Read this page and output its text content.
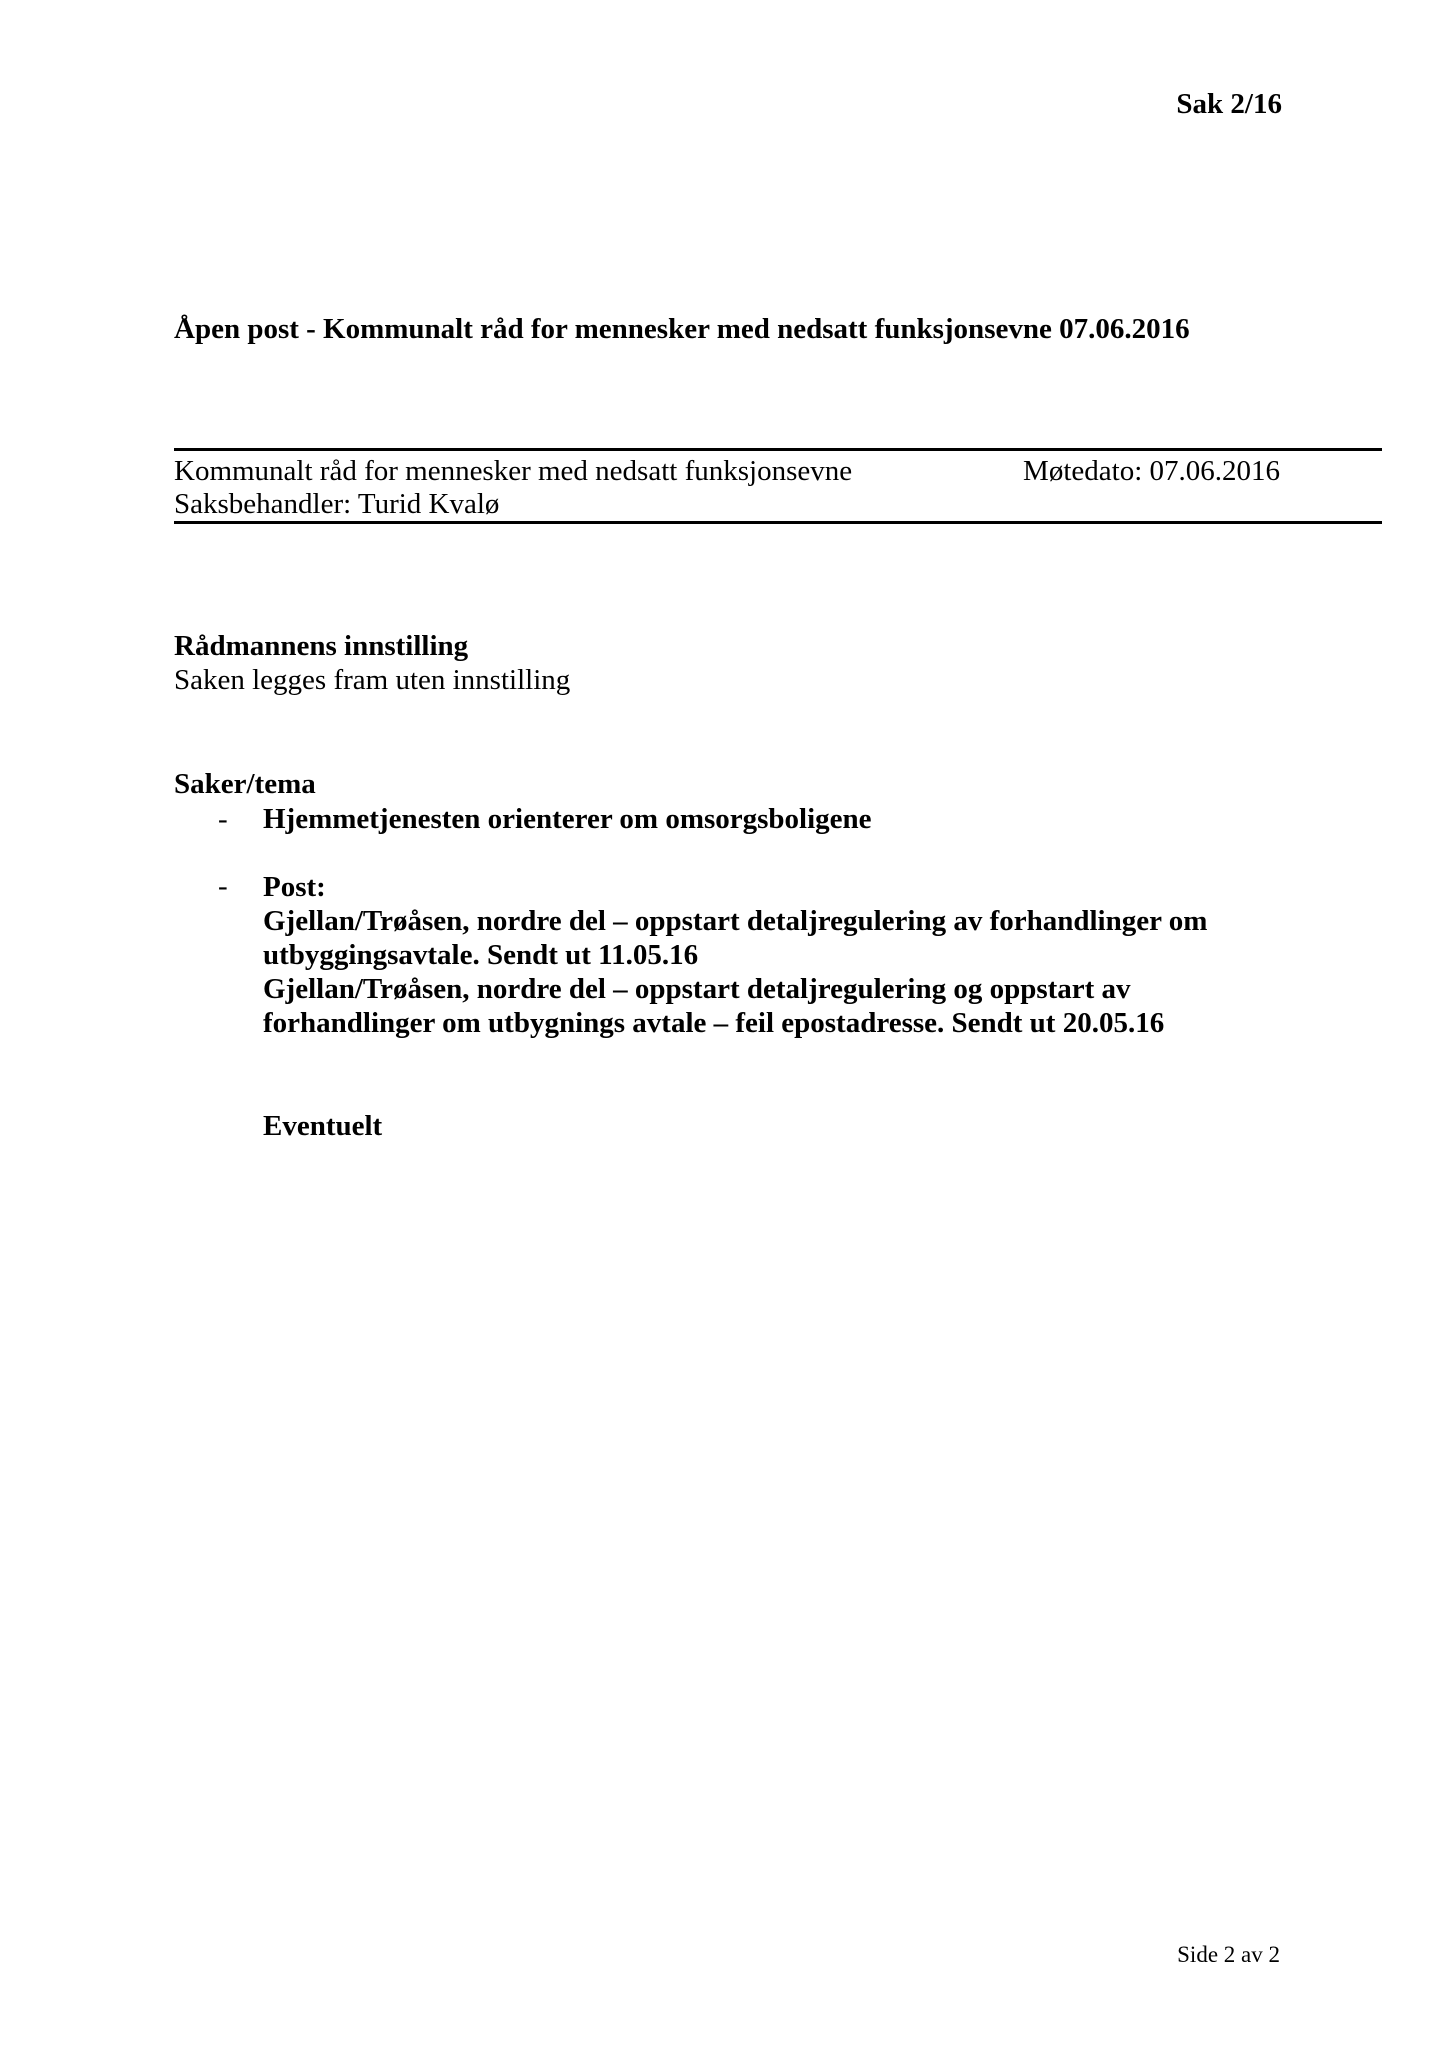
Sak 2/16
Åpen post - Kommunalt råd for mennesker med nedsatt funksjonsevne 07.06.2016
Kommunalt råd for mennesker med nedsatt funksjonsevne	Møtedato: 07.06.2016
Saksbehandler: Turid Kvalø
Rådmannens innstilling
Saken legges fram uten innstilling
Saker/tema
- Hjemmetjenesten orienterer om omsorgsboligene
- Post:
Gjellan/Trøåsen, nordre del – oppstart detaljregulering av forhandlinger om
utbyggingsavtale. Sendt ut 11.05.16
Gjellan/Trøåsen, nordre del – oppstart detaljregulering og oppstart av
forhandlinger om utbygnings avtale – feil epostadresse. Sendt ut 20.05.16
Eventuelt
Side 2 av 2
